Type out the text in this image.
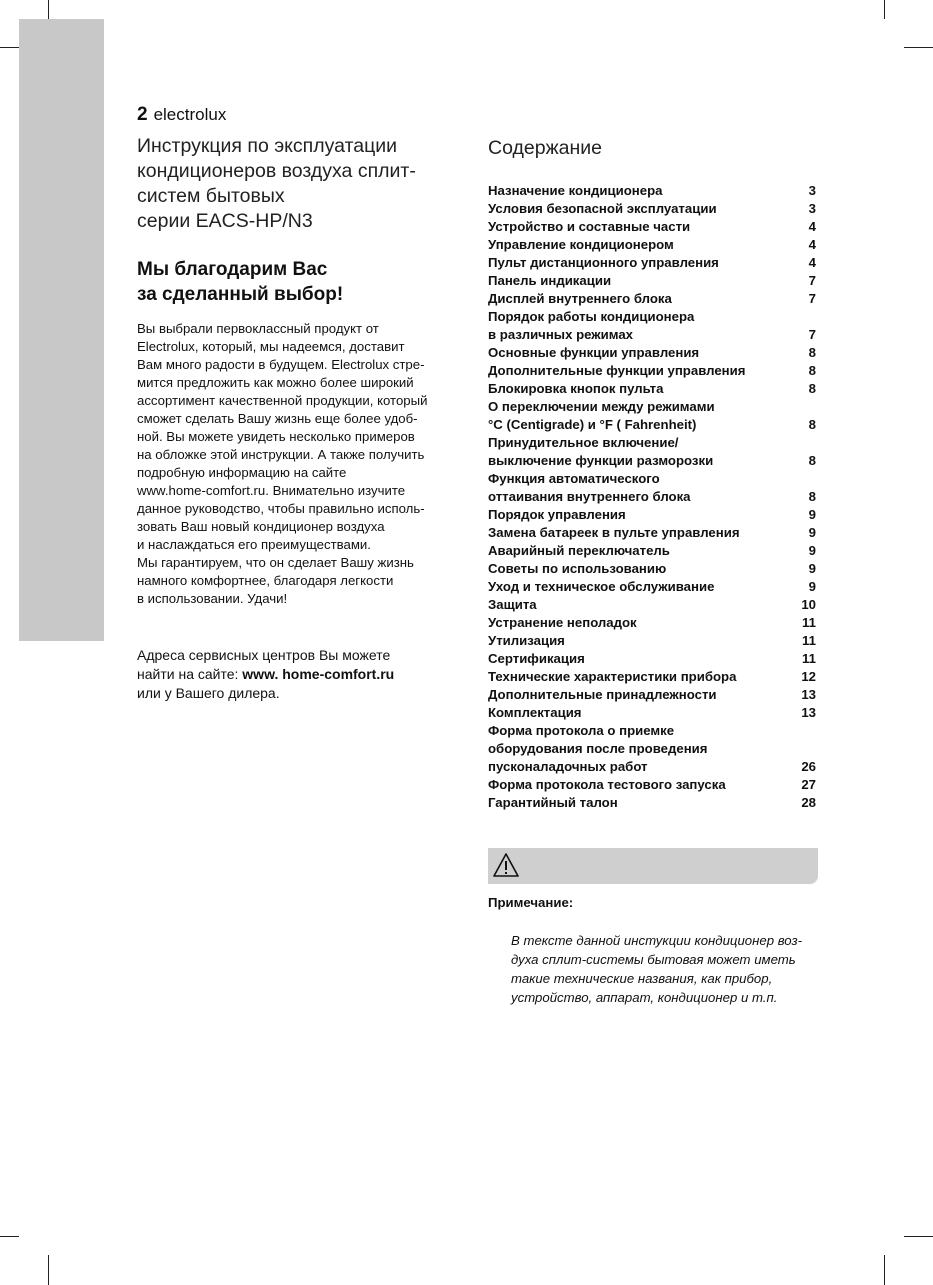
2 electrolux
Инструкция по эксплуатации
кондиционеров воздуха сплит-
систем бытовых
серии EACS-HP/N3
Мы благодарим Вас
за сделанный выбор!
Вы выбрали первоклассный продукт от
Electrolux, который, мы надеемся, доставит
Вам много радости в будущем. Electrolux стре-
мится предложить как можно более широкий
ассортимент качественной продукции, который
сможет сделать Вашу жизнь еще более удоб-
ной. Вы можете увидеть несколько примеров
на обложке этой инструкции. А также получить
подробную информацию на сайте
www.home-comfort.ru. Внимательно изучите
данное руководство, чтобы правильно исполь-
зовать Ваш новый кондиционер воздуха
и наслаждаться его преимуществами.
Мы гарантируем, что он сделает Вашу жизнь
намного комфортнее, благодаря легкости
в использовании. Удачи!
Адреса сервисных центров Вы можете
найти на сайте: www. home-comfort.ru
или у Вашего дилера.
Содержание
Назначение кондиционера	3
Условия безопасной эксплуатации	3
Устройство и составные части	4
Управление кондиционером	4
Пульт дистанционного управления	4
Панель индикации	7
Дисплей внутреннего блока	7
Порядок работы кондиционера
в различных режимах	7
Основные функции управления	8
Дополнительные функции управления	8
Блокировка кнопок пульта	8
О переключении между режимами
°C (Centigrade) и °F ( Fahrenheit)	8
Принудительное включение/
выключение функции разморозки	8
Функция автоматического
оттаивания внутреннего блока	8
Порядок управления	9
Замена батареек в пульте управления	9
Аварийный переключатель	9
Советы по использованию	9
Уход и техническое обслуживание	9
Защита	10
Устранение неполадок	11
Утилизация	11
Сертификация	11
Технические характеристики прибора	12
Дополнительные принадлежности	13
Комплектация	13
Форма протокола о приемке
оборудования после проведения
пусконаладочных работ	26
Форма протокола тестового запуска	27
Гарантийный талон	28
Примечание:
В тексте данной инстукции кондиционер воз-
духа сплит-системы бытовая может иметь
такие технические названия, как прибор,
устройство, аппарат, кондиционер и т.п.
